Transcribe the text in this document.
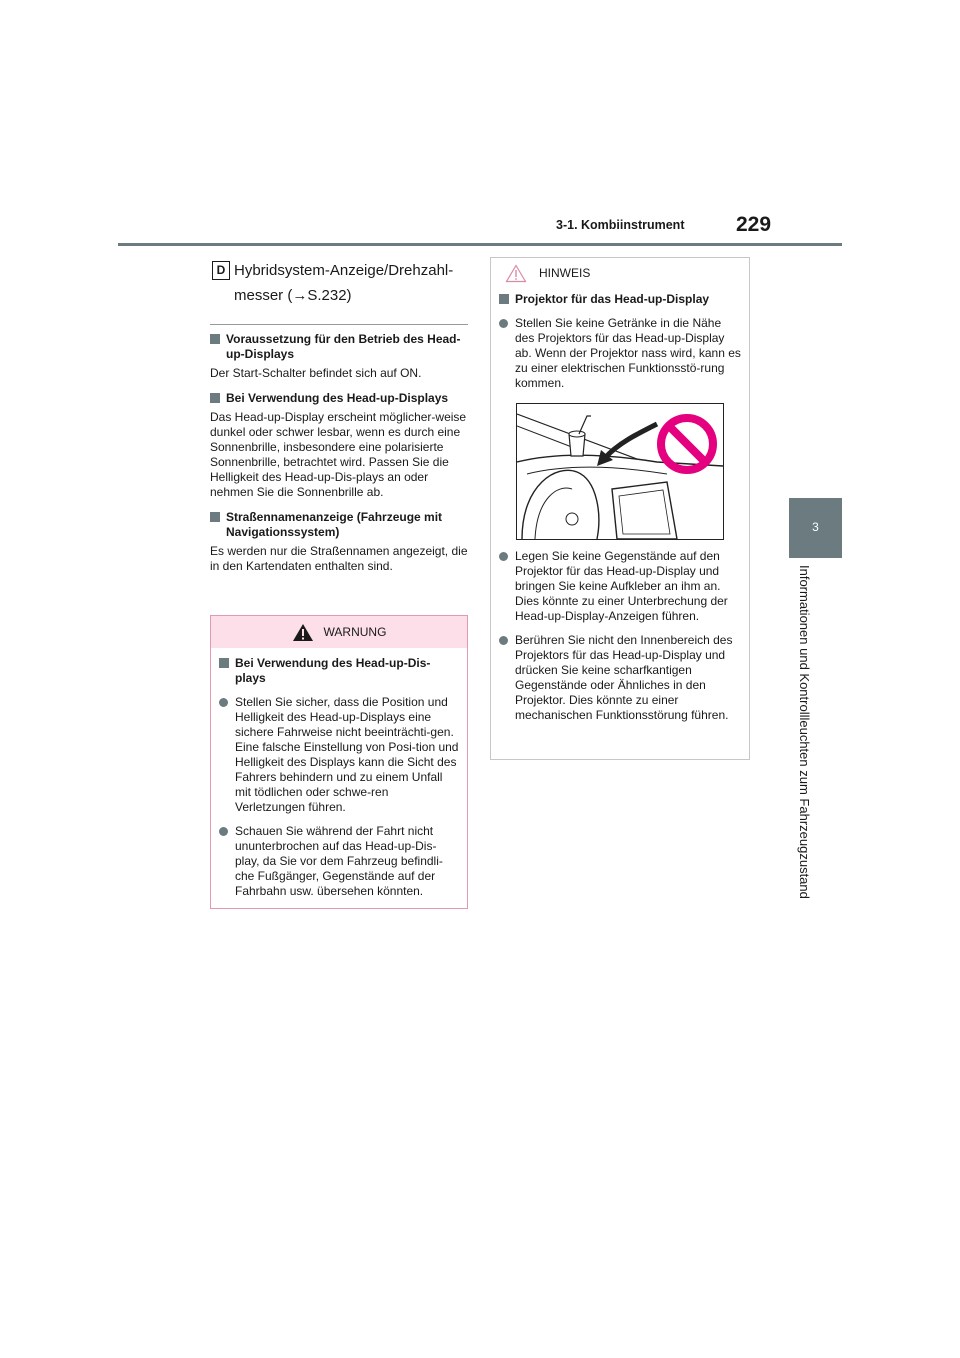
3-1. Kombiinstrument 229
3
Informationen und Kontrollleuchten zum Fahrzeugzustand
D Hybridsystem-Anzeige/Drehzahl-
messer (→S.232)
Voraussetzung für den Betrieb des Head-up-Displays
Der Start-Schalter befindet sich auf ON.
Bei Verwendung des Head-up-Displays
Das Head-up-Display erscheint möglicher-weise dunkel oder schwer lesbar, wenn es durch eine Sonnenbrille, insbesondere eine polarisierte Sonnenbrille, betrachtet wird. Passen Sie die Helligkeit des Head-up-Dis-plays an oder nehmen Sie die Sonnenbrille ab.
Straßennamenanzeige (Fahrzeuge mit Navigationssystem)
Es werden nur die Straßennamen angezeigt, die in den Kartendaten enthalten sind.
WARNUNG
Bei Verwendung des Head-up-Dis-plays
Stellen Sie sicher, dass die Position und Helligkeit des Head-up-Displays eine sichere Fahrweise nicht beeinträchti-gen. Eine falsche Einstellung von Posi-tion und Helligkeit des Displays kann die Sicht des Fahrers behindern und zu einem Unfall mit tödlichen oder schwe-ren Verletzungen führen.
Schauen Sie während der Fahrt nicht ununterbrochen auf das Head-up-Dis-play, da Sie vor dem Fahrzeug befindli-che Fußgänger, Gegenstände auf der Fahrbahn usw. übersehen könnten.
HINWEIS
Projektor für das Head-up-Display
Stellen Sie keine Getränke in die Nähe des Projektors für das Head-up-Display ab. Wenn der Projektor nass wird, kann es zu einer elektrischen Funktionsstö-rung kommen.
Legen Sie keine Gegenstände auf den Projektor für das Head-up-Display und bringen Sie keine Aufkleber an ihm an. Dies könnte zu einer Unterbrechung der Head-up-Display-Anzeigen führen.
Berühren Sie nicht den Innenbereich des Projektors für das Head-up-Display und drücken Sie keine scharfkantigen Gegenstände oder Ähnliches in den Projektor. Dies könnte zu einer mechanischen Funktionsstörung führen.
